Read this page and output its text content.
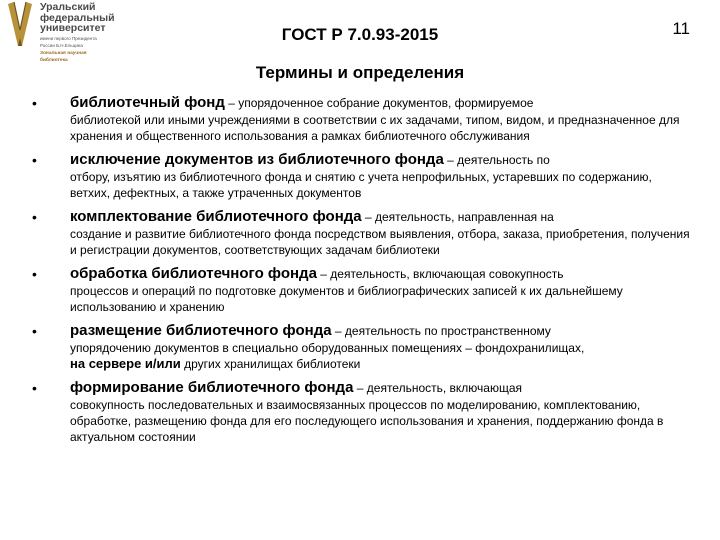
Уральский
федеральный
университет
имени первого Президента
России Б.Н.Ельцина
Зональная научная
библиотека
ГОСТ Р 7.0.93-2015	11
Термины и определения
• библиотечный фонд – упорядоченное собрание документов, формируемое
библиотекой или иными учреждениями в соответствии с их задачами, типом, видом, и предназначенное для хранения и общественного использования а рамках библиотечного обслуживания
• исключение документов из библиотечного фонда – деятельность по
отбору, изъятию из библиотечного фонда и снятию с учета непрофильных, устаревших по содержанию, ветхих, дефектных, а также утраченных документов
• комплектование библиотечного фонда – деятельность, направленная на
создание и развитие библиотечного фонда посредством выявления, отбора, заказа, приобретения, получения и регистрации документов, соответствующих задачам библиотеки
• обработка библиотечного фонда – деятельность, включающая совокупность
процессов и операций по подготовке документов и библиографических записей к их дальнейшему использованию и хранению
• размещение библиотечного фонда – деятельность по пространственному
упорядочению документов в специально оборудованных помещениях – фондохранилищах,
на сервере и/или других хранилищах библиотеки
• формирование библиотечного фонда – деятельность, включающая
совокупность последовательных и взаимосвязанных процессов по моделированию, комплектованию, обработке, размещению фонда для его последующего использования и хранения, поддержанию фонда в актуальном состоянии
